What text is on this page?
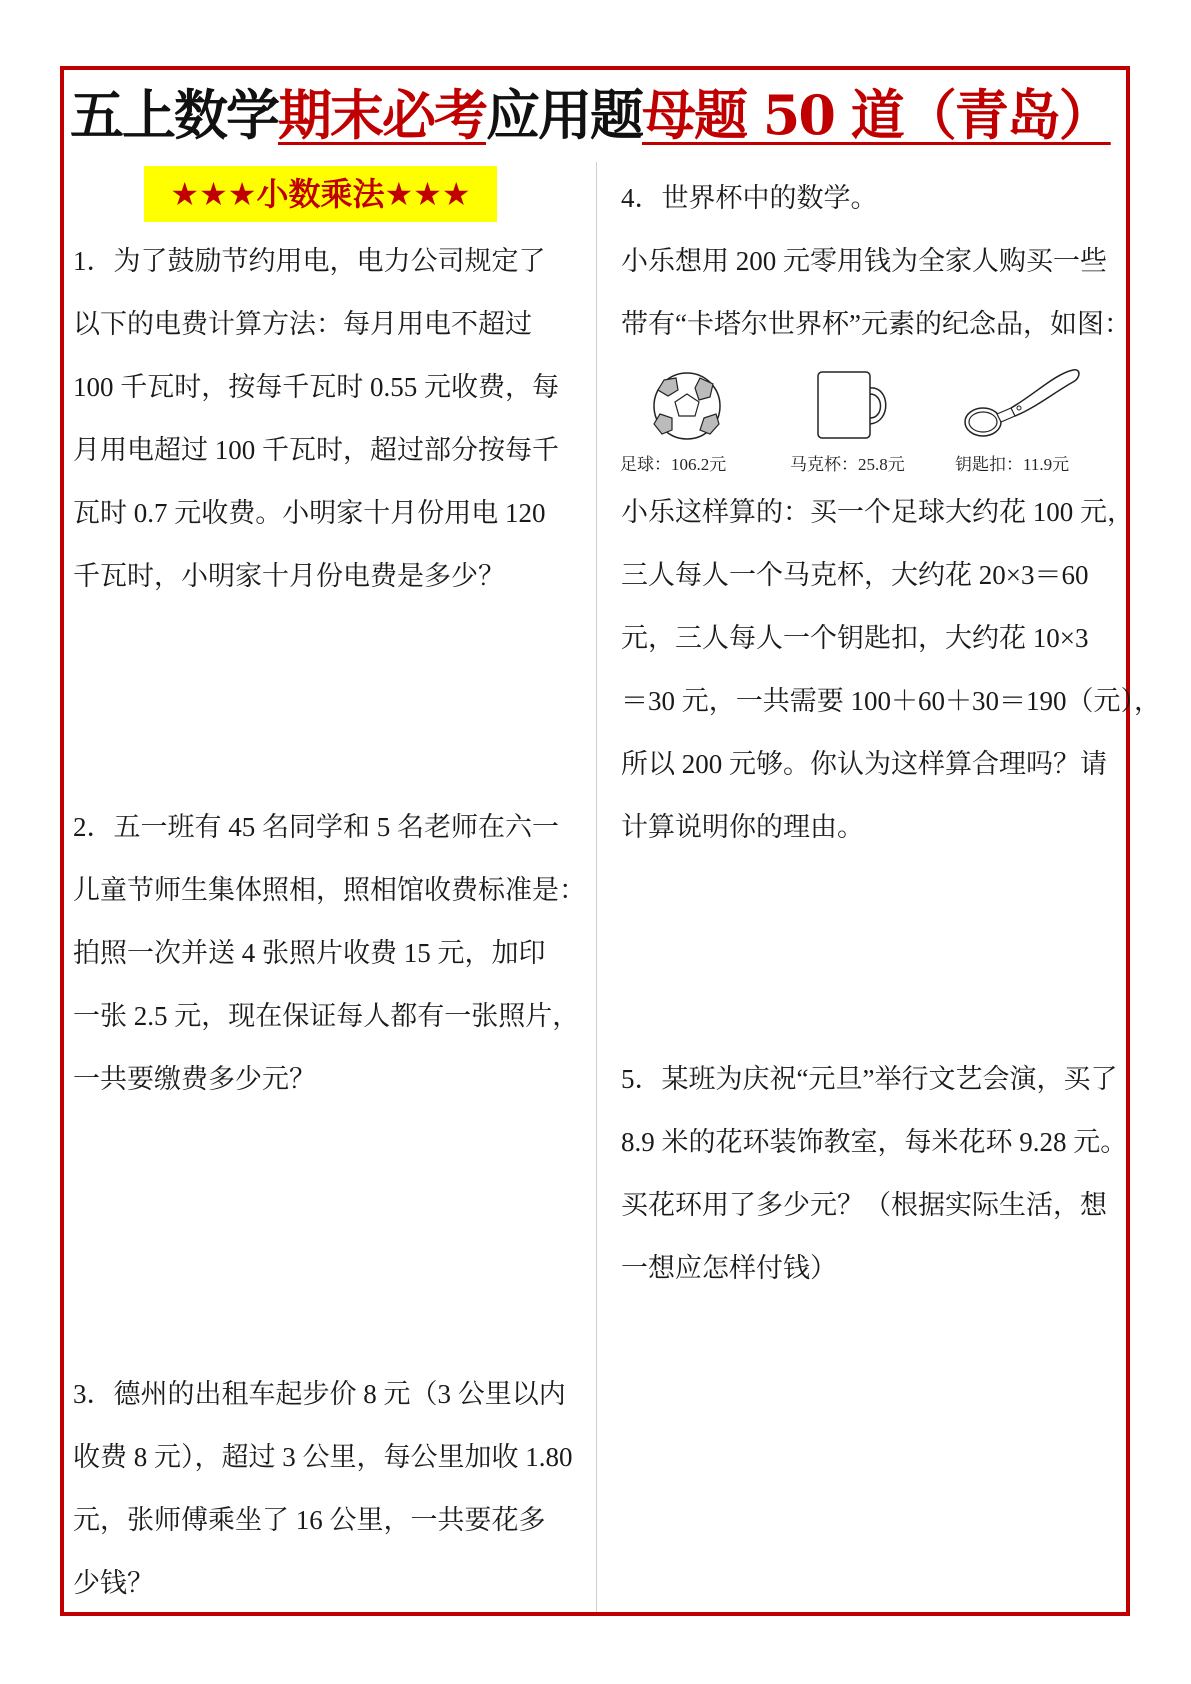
五上数学期末必考应用题母题 50 道（青岛）
★★★小数乘法★★★
1．为了鼓励节约用电，电力公司规定了
以下的电费计算方法：每月用电不超过
100 千瓦时，按每千瓦时 0.55 元收费，每
月用电超过 100 千瓦时，超过部分按每千
瓦时 0.7 元收费。小明家十月份用电 120
千瓦时，小明家十月份电费是多少？
2．五一班有 45 名同学和 5 名老师在六一
儿童节师生集体照相，照相馆收费标准是：
拍照一次并送 4 张照片收费 15 元，加印
一张 2.5 元，现在保证每人都有一张照片，
一共要缴费多少元？
3．德州的出租车起步价 8 元（3 公里以内
收费 8 元），超过 3 公里，每公里加收 1.80
元，张师傅乘坐了 16 公里，一共要花多
少钱？
4．世界杯中的数学。
小乐想用 200 元零用钱为全家人购买一些
带有“卡塔尔世界杯”元素的纪念品，如图：
足球：106.2元	马克杯：25.8元	钥匙扣：11.9元
小乐这样算的：买一个足球大约花 100 元，
三人每人一个马克杯，大约花 20×3＝60
元，三人每人一个钥匙扣，大约花 10×3
＝30 元，一共需要 100＋60＋30＝190（元），
所以 200 元够。你认为这样算合理吗？请
计算说明你的理由。
5．某班为庆祝“元旦”举行文艺会演，买了
8.9 米的花环装饰教室，每米花环 9.28 元。
买花环用了多少元？（根据实际生活，想
一想应怎样付钱）
